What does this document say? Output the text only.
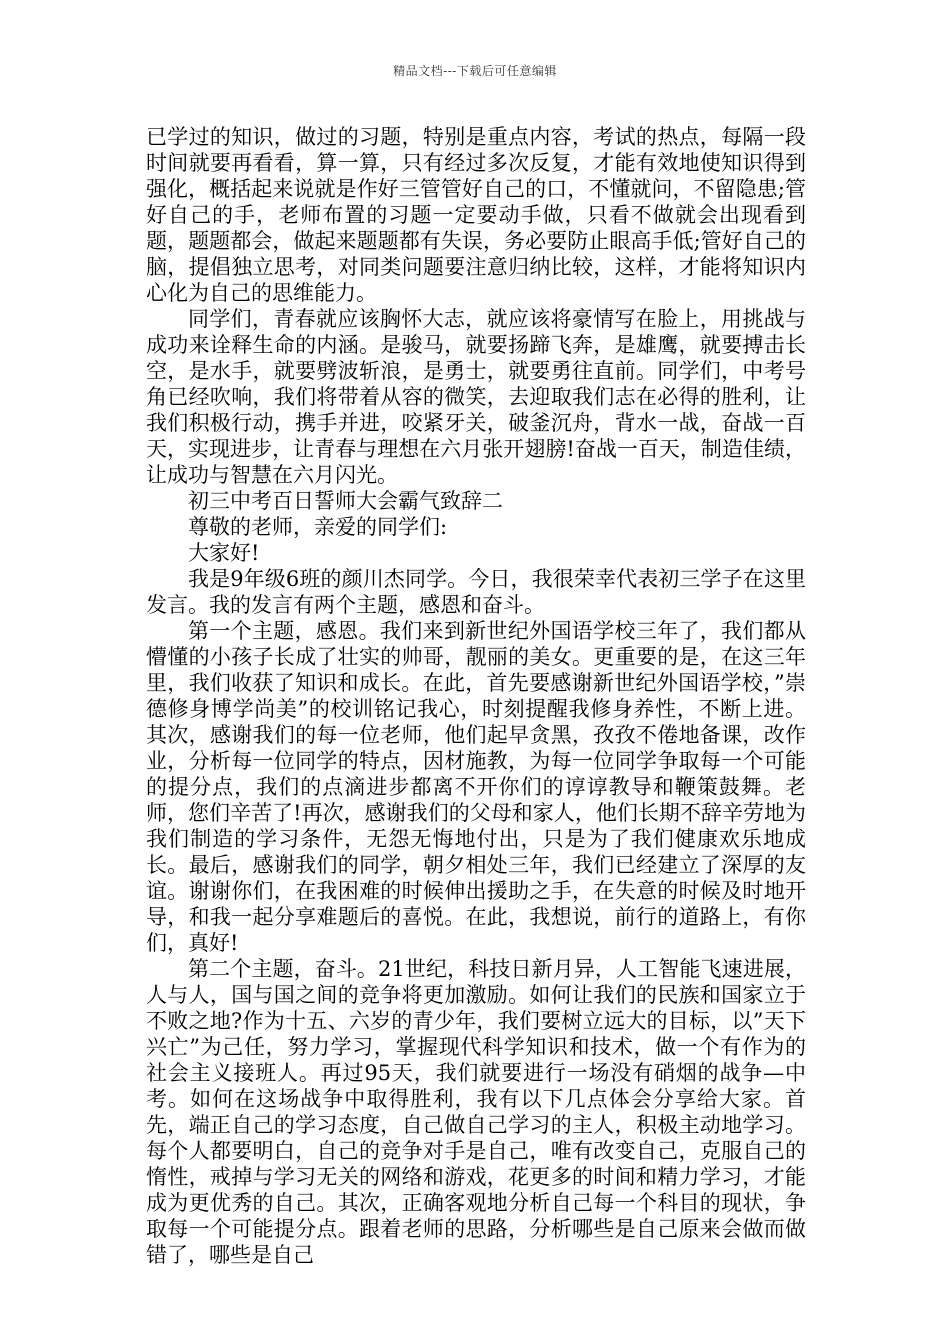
精品文档---下载后可任意编辑

已学过的知识，做过的习题，特别是重点内容，考试的热点，每隔一段时间就要再看看，算一算，只有经过多次反复，才能有效地使知识得到强化，概括起来说就是作好三管管好自己的口，不懂就问，不留隐患;管好自己的手，老师布置的习题一定要动手做，只看不做就会出现看到题，题题都会，做起来题题都有失误，务必要防止眼高手低;管好自己的脑，提倡独立思考，对同类问题要注意归纳比较，这样，才能将知识内心化为自己的思维能力。

同学们，青春就应该胸怀大志，就应该将豪情写在脸上，用挑战与成功来诠释生命的内涵。是骏马，就要扬蹄飞奔，是雄鹰，就要搏击长空，是水手，就要劈波斩浪，是勇士，就要勇往直前。同学们，中考号角已经吹响，我们将带着从容的微笑，去迎取我们志在必得的胜利，让我们积极行动，携手并进，咬紧牙关，破釜沉舟，背水一战，奋战一百天，实现进步，让青春与理想在六月张开翅膀!奋战一百天，制造佳绩，让成功与智慧在六月闪光。

初三中考百日誓师大会霸气致辞二

尊敬的老师，亲爱的同学们:

大家好!

我是9年级6班的颜川杰同学。今日，我很荣幸代表初三学子在这里发言。我的发言有两个主题，感恩和奋斗。

第一个主题，感恩。我们来到新世纪外国语学校三年了，我们都从懵懂的小孩子长成了壮实的帅哥，靓丽的美女。更重要的是，在这三年里，我们收获了知识和成长。在此，首先要感谢新世纪外国语学校，”崇德修身博学尚美”的校训铭记我心，时刻提醒我修身养性，不断上进。其次，感谢我们的每一位老师，他们起早贪黑，孜孜不倦地备课，改作业，分析每一位同学的特点，因材施教，为每一位同学争取每一个可能的提分点，我们的点滴进步都离不开你们的谆谆教导和鞭策鼓舞。老师，您们辛苦了!再次，感谢我们的父母和家人，他们长期不辞辛劳地为我们制造的学习条件，无怨无悔地付出，只是为了我们健康欢乐地成长。最后，感谢我们的同学，朝夕相处三年，我们已经建立了深厚的友谊。谢谢你们，在我困难的时候伸出援助之手，在失意的时候及时地开导，和我一起分享难题后的喜悦。在此，我想说，前行的道路上，有你们，真好!

第二个主题，奋斗。21世纪，科技日新月异，人工智能飞速进展，人与人，国与国之间的竞争将更加激励。如何让我们的民族和国家立于不败之地?作为十五、六岁的青少年，我们要树立远大的目标，以”天下兴亡”为己任，努力学习，掌握现代科学知识和技术，做一个有作为的社会主义接班人。再过95天，我们就要进行一场没有硝烟的战争—中考。如何在这场战争中取得胜利，我有以下几点体会分享给大家。首先，端正自己的学习态度，自己做自己学习的主人，积极主动地学习。每个人都要明白，自己的竞争对手是自己，唯有改变自己，克服自己的惰性，戒掉与学习无关的网络和游戏，花更多的时间和精力学习，才能成为更优秀的自己。其次，正确客观地分析自己每一个科目的现状，争取每一个可能提分点。跟着老师的思路，分析哪些是自己原来会做而做错了，哪些是自己
